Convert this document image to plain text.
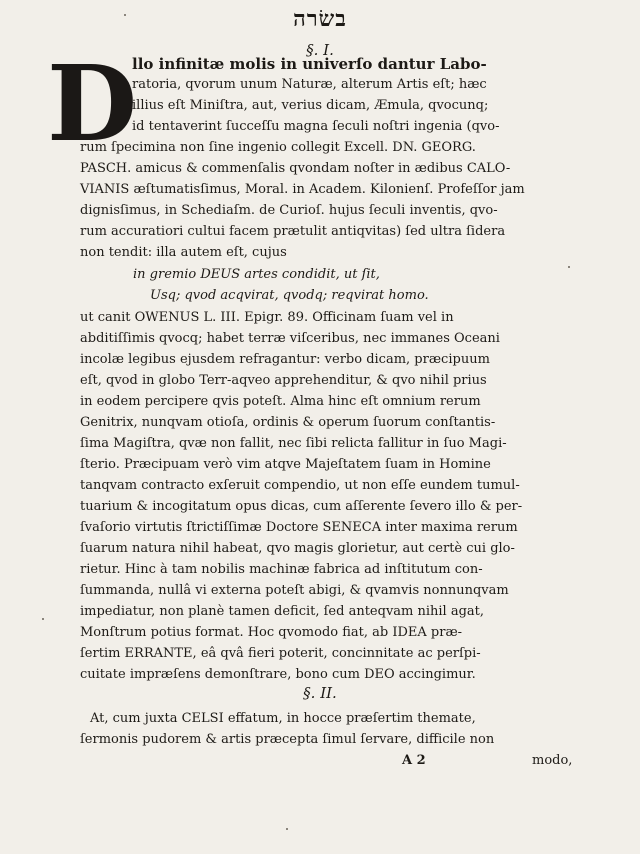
בשׂרה
§. I.
D
llo infinitæ molis in univerſo dantur Labo-
ratoria, qvorum unum Naturæ, alterum Artis eſt; hæc
illius eſt Miniſtra, aut, verius dicam, Æmula, qvocunq;
id tentaverint ſucceſſu magna ſeculi noſtri ingenia (qvo-
rum ſpecimina non ſine ingenio collegit Excell. DN. GEORG.
PASCH. amicus & commenſalis qvondam noſter in ædibus CALO-
VIANIS æſtumatisſimus, Moral. in Academ. Kilonienſ. Profeſſor jam
dignisſimus, in Schediaſm. de Curioſ. hujus ſeculi inventis, qvo-
rum accuratiori cultui facem prætulit antiqvitas) ſed ultra ſidera
non tendit: illa autem eſt, cujus
in gremio DEUS artes condidit, ut ſit,
Usq; qvod acqvirat, qvodq; reqvirat homo.
ut canit OWENUS L. III. Epigr. 89. Officinam ſuam vel in
abditiſſimis qvocq; habet terræ viſceribus, nec immanes Oceani
incolæ legibus ejusdem refragantur: verbo dicam, præcipuum
eſt, qvod in globo Terr-aqveo apprehenditur, & qvo nihil prius
in eodem percipere qvis poteſt. Alma hinc eſt omnium rerum
Genitrix, nunqvam otioſa, ordinis & operum ſuorum conſtantis-
ſima Magiſtra, qvæ non fallit, nec ſibi relicta fallitur in ſuo Magi-
ſterio. Præcipuam verò vim atqve Majeſtatem ſuam in Homine
tanqvam contracto exſeruit compendio, ut non eſſe eundem tumul-
tuarium & incogitatum opus dicas, cum aſſerente ſevero illo & per-
ſvaſorio virtutis ſtrictiſſimæ Doctore SENECA inter maxima rerum
ſuarum natura nihil habeat, qvo magis glorietur, aut certè cui glo-
rietur. Hinc à tam nobilis machinæ fabrica ad inſtitutum con-
ſummanda, nullâ vi externa poteſt abigi, & qvamvis nonnunqvam
impediatur, non planè tamen deficit, ſed anteqvam nihil agat,
Monſtrum potius format. Hoc qvomodo fiat, ab IDEA præ-
ſertim ERRANTE, eâ qvâ fieri poterit, concinnitate ac perſpi-
cuitate impræſens demonſtrare, bono cum DEO accingimur.
§. II.
At, cum juxta CELSI effatum, in hocce præſertim themate,
ſermonis pudorem & artis præcepta ſimul ſervare, difficile non
A 2	modo,
